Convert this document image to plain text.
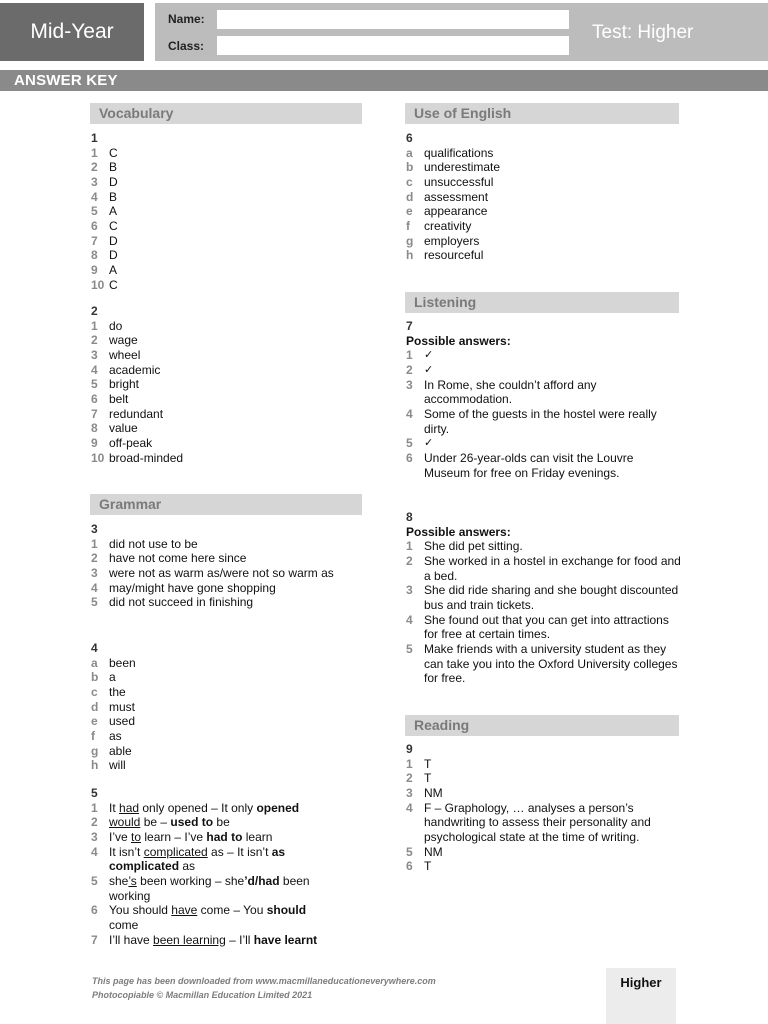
Mid-Year
Name:
Class:
Test: Higher
ANSWER KEY
Vocabulary
Grammar
Use of English
Listening
Reading
1
1 C
2 B
3 D
4 B
5 A
6 C
7 D
8 D
9 A
10 C
2
1 do
2 wage
3 wheel
4 academic
5 bright
6 belt
7 redundant
8 value
9 off-peak
10 broad-minded
3
1 did not use to be
2 have not come here since
3 were not as warm as/were not so warm as
4 may/might have gone shopping
5 did not succeed in finishing
4
a been
b a
c the
d must
e used
f	as
g able
h will
5
1 It had only opened – It only opened
2 would be – used to be
3 I’ve to learn – I’ve had to learn
4 It isn’t complicated as – It isn’t as complicated as
5 she’s been working – she’d/had been working
6 You should have come – You should come
7 I’ll have been learning – I’ll have learnt
6
a qualifications
b underestimate
c unsuccessful
d assessment
e appearance
f	creativity
g employers
h resourceful
7
Possible answers:
1	✓
2	✓
3 In Rome, she couldn’t afford any accommodation.
4 Some of the guests in the hostel were really dirty.
5	✓
6 Under 26-year-olds can visit the Louvre Museum for free on Friday evenings.
8
Possible answers:
1 She did pet sitting.
2 She worked in a hostel in exchange for food and a bed.
3 She did ride sharing and she bought discounted bus and train tickets.
4 She found out that you can get into attractions for free at certain times.
5 Make friends with a university student as they can take you into the Oxford University colleges for free.
9
1 T
2 T
3 NM
4 F – Graphology, … analyses a person’s handwriting to assess their personality and psychological state at the time of writing.
5 NM
6 T
This page has been downloaded from www.macmillaneducationeverywhere.com
Photocopiable © Macmillan Education Limited 2021
Higher
